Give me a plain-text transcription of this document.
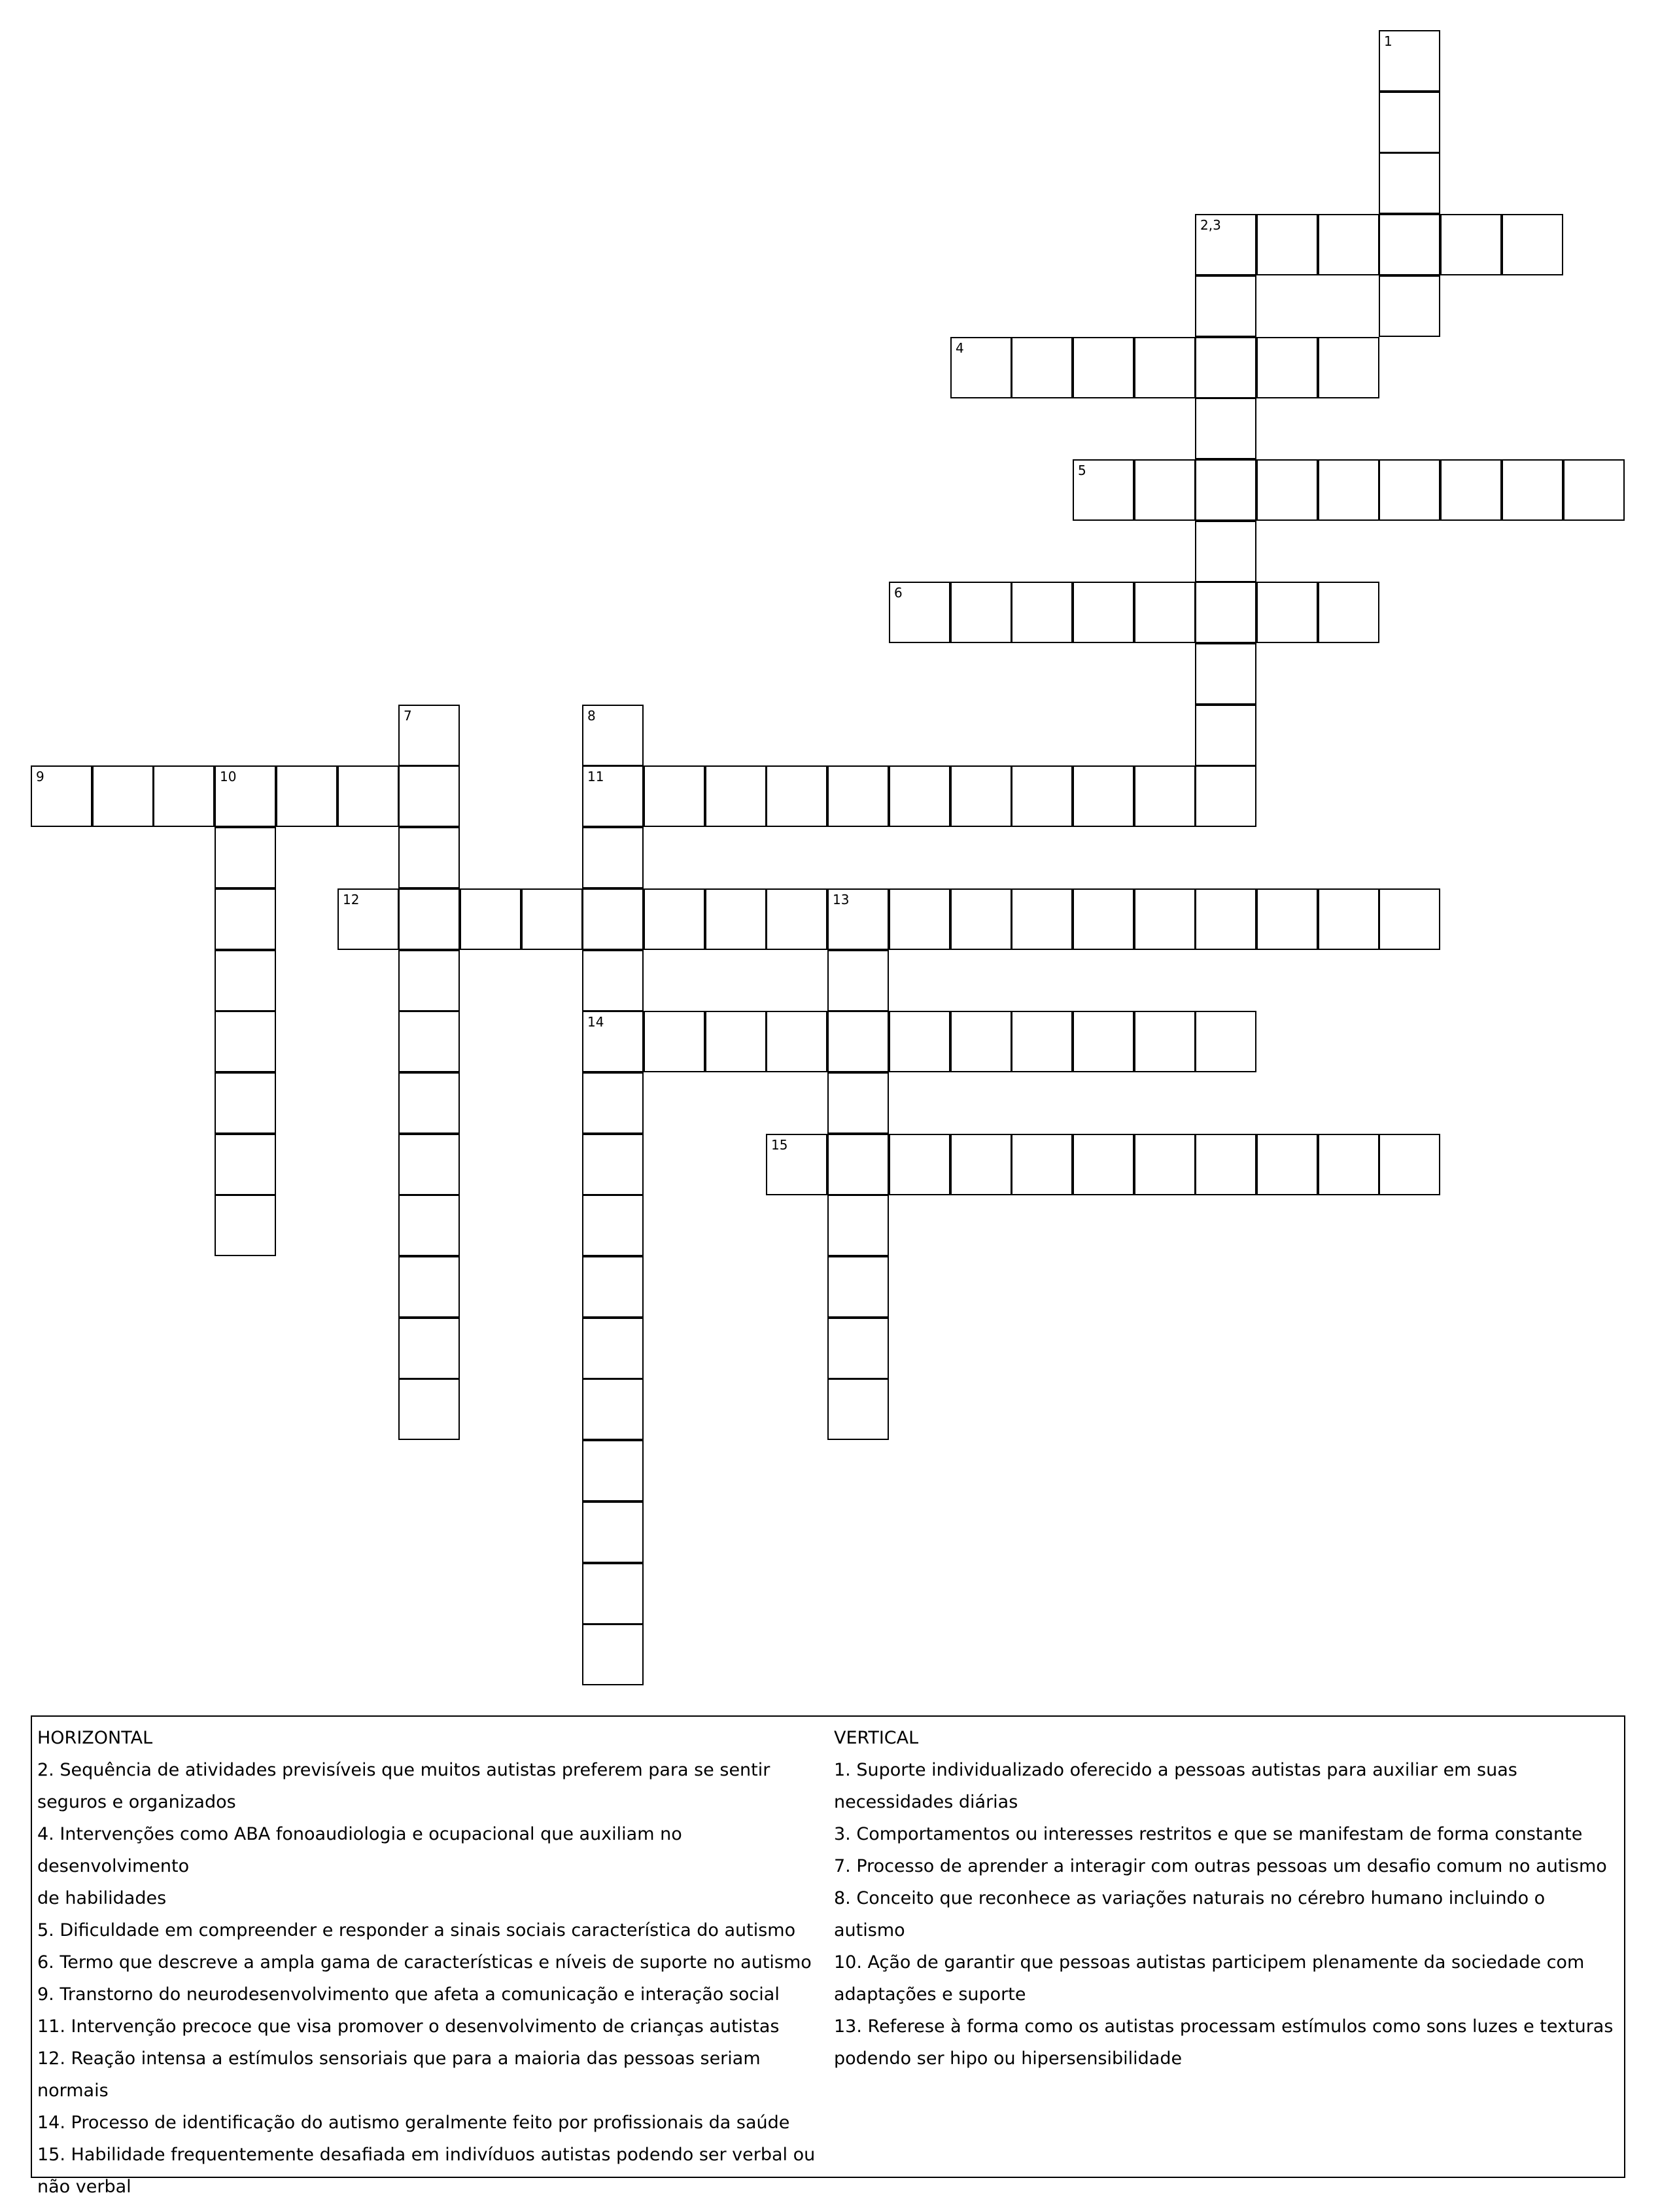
1
2,3
4
5
6
7	8
9	10	11
12	13
14
15

HORIZONTAL

2. Sequência de atividades previsíveis que muitos autistas preferem para se sentir

seguros e organizados

4. Intervenções como ABA fonoaudiologia e ocupacional que auxiliam no desenvolvimento

de habilidades

5. Dificuldade em compreender e responder a sinais sociais característica do autismo

6. Termo que descreve a ampla gama de características e níveis de suporte no autismo

9. Transtorno do neurodesenvolvimento que afeta a comunicação e interação social

11. Intervenção precoce que visa promover o desenvolvimento de crianças autistas

12. Reação intensa a estímulos sensoriais que para a maioria das pessoas seriam normais

14. Processo de identificação do autismo geralmente feito por profissionais da saúde

15. Habilidade frequentemente desafiada em indivíduos autistas podendo ser verbal ou

não verbal

VERTICAL

1. Suporte individualizado oferecido a pessoas autistas para auxiliar em suas

necessidades diárias

3. Comportamentos ou interesses restritos e que se manifestam de forma constante

7. Processo de aprender a interagir com outras pessoas um desafio comum no autismo

8. Conceito que reconhece as variações naturais no cérebro humano incluindo o autismo

10. Ação de garantir que pessoas autistas participem plenamente da sociedade com

adaptações e suporte

13. Referese à forma como os autistas processam estímulos como sons luzes e texturas

podendo ser hipo ou hipersensibilidade
